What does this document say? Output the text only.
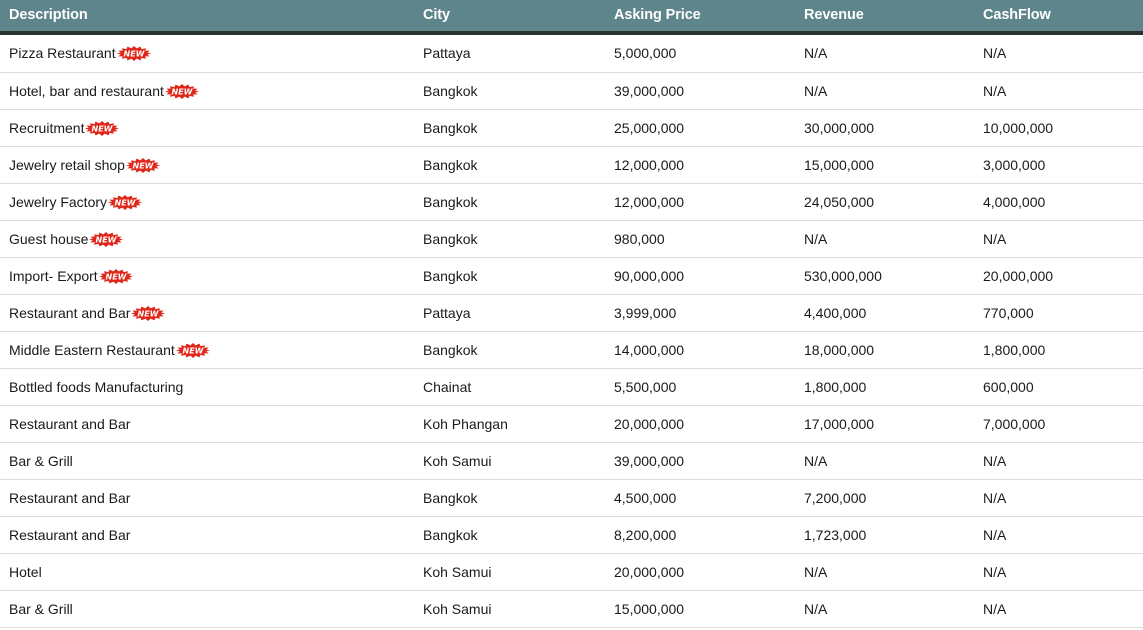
Description	City	Asking Price	Revenue	CashFlow
Pizza Restaurant NEW	Pattaya	5,000,000	N/A	N/A
Hotel, bar and restaurant NEW	Bangkok	39,000,000	N/A	N/A
Recruitment NEW	Bangkok	25,000,000	30,000,000	10,000,000
Jewelry retail shop NEW	Bangkok	12,000,000	15,000,000	3,000,000
Jewelry Factory NEW	Bangkok	12,000,000	24,050,000	4,000,000
Guest house NEW	Bangkok	980,000	N/A	N/A
Import- Export NEW	Bangkok	90,000,000	530,000,000	20,000,000
Restaurant and Bar NEW	Pattaya	3,999,000	4,400,000	770,000
Middle Eastern Restaurant NEW	Bangkok	14,000,000	18,000,000	1,800,000
Bottled foods Manufacturing	Chainat	5,500,000	1,800,000	600,000
Restaurant and Bar	Koh Phangan	20,000,000	17,000,000	7,000,000
Bar & Grill	Koh Samui	39,000,000	N/A	N/A
Restaurant and Bar	Bangkok	4,500,000	7,200,000	N/A
Restaurant and Bar	Bangkok	8,200,000	1,723,000	N/A
Hotel	Koh Samui	20,000,000	N/A	N/A
Bar & Grill	Koh Samui	15,000,000	N/A	N/A
